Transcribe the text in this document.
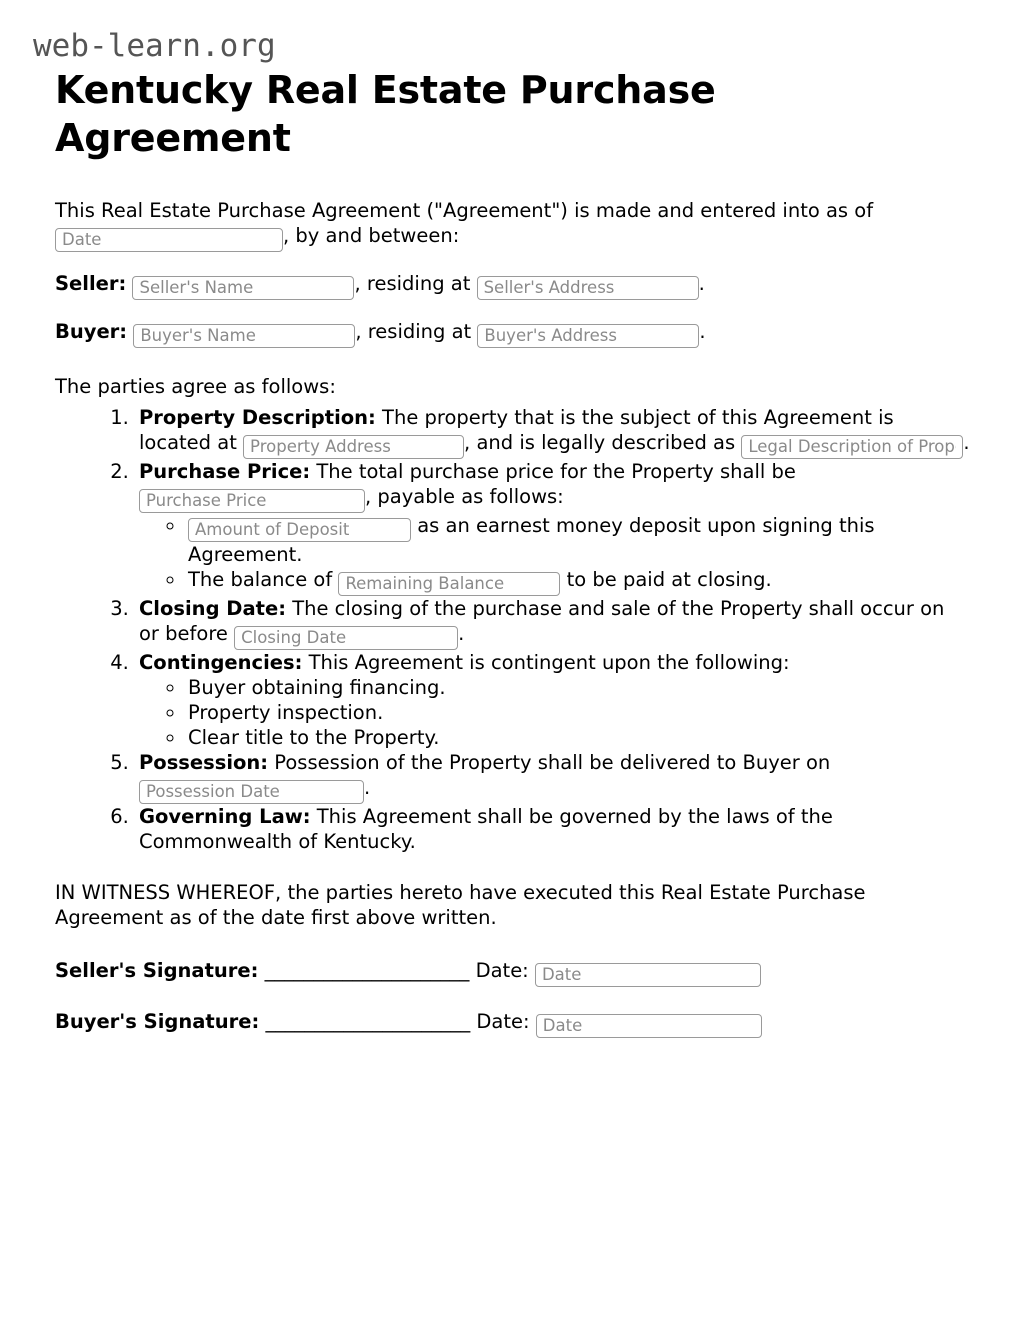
web-learn.org
Kentucky Real Estate Purchase Agreement

This Real Estate Purchase Agreement ("Agreement") is made and entered into as of Date, by and between:

Seller: Seller's Name	, residing at Seller's Address	.

Buyer: Buyer's Name	, residing at Buyer's Address	.

The parties agree as follows:

1. Property Description: The property that is the subject of this Agreement is located at Property Address	, and is legally described as Legal Description of Property	.
2. Purchase Price: The total purchase price for the Property shall be Purchase Price, payable as follows:
Amount of Deposit ◦ as an earnest money deposit upon signing this Agreement.
◦ The balance of Remaining Balance	to be paid at closing.
3. Closing Date: The closing of the purchase and sale of the Property shall occur on or before Closing Date	.
4. Contingencies: This Agreement is contingent upon the following:
◦ Buyer obtaining financing.
◦ Property inspection.
◦ Clear title to the Property.
5. Possession: Possession of the Property shall be delivered to Buyer on Possession Date.
6. Governing Law: This Agreement shall be governed by the laws of the Commonwealth of Kentucky.

IN WITNESS WHEREOF, the parties hereto have executed this Real Estate Purchase Agreement as of the date first above written.

Seller's Signature: _____________________ Date: Date
Buyer's Signature: _____________________ Date: Date
